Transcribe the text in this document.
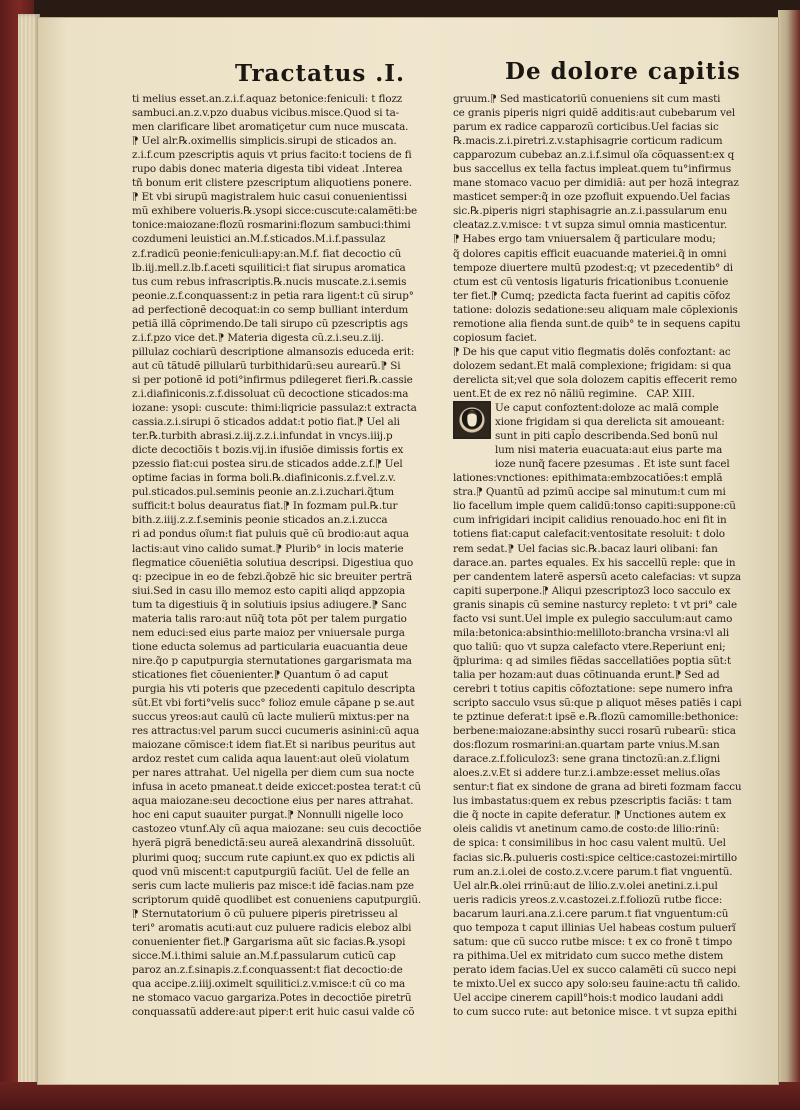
Tractatus .I.	De dolore capitis
ti melius esset.an.z.i.f.aquaz betonice:feniculi: t flozz
sambuci.an.z.v.pzo duabus vicibus.misce.Quod si ta-
men clarificare libet aromatiçetur cum nuce muscata.
⁋ Uel alr.℞.oximellis simplicis.sirupi de sticados an.
z.i.f.cum pzescriptis aquis vt prius facito:t tociens de fi
rupo dabis donec materia digesta tibi videat .Interea
tñ bonum erit clistere pzescriptum aliquotiens ponere.
⁋ Et vbi sirupũ magistralem huic casui conuenientissi
mũ exhibere volueris.℞.ysopi sicce:cuscute:calamẽti:be
tonice:maiozane:flozũ rosmarini:flozum sambuci:thimi
cozdumeni leuistici an.M.f.sticados.M.i.f.passulaz
z.f.radicũ peonie:feniculi:apy:an.M.f. fiat decoctio cũ
lb.iij.mell.z.lb.f.aceti squilitici:t fiat sirupus aromatica
tus cum rebus infrascriptis.℞.nucis muscate.z.i.semis
peonie.z.f.conquassent:z in petia rara ligent:t cũ sirup°
ad perfectionẽ decoquat:in co semp bulliant interdum
petiã illã cõprimendo.De tali sirupo cũ pzescriptis ags
z.i.f.pzo vice det.⁋ Materia digesta cũ.z.i.seu.z.iij.
pillulaz cochiarũ descriptione almansozis educeda erit:
aut cũ tãtudẽ pillularũ turbithidarũ:seu aurearũ.⁋ Si
si per potionẽ id poti°infirmus pdilegeret fieri.℞.cassie
z.i.diafiniconis.z.f.dissoluat cũ decoctione sticados:ma
iozane: ysopi: cuscute: thimi:liqricie passulaz:t extracta
cassia.z.i.sirupi õ sticados addat:t potio fiat.⁋ Uel ali
ter.℞.turbith abrasi.z.iij.z.z.i.infundat in vncys.iiij.p
dicte decoctiõis t bozis.vij.in ifusiõe dimissis fortis ex
pzessio fiat:cui postea siru.de sticados adde.z.f.⁋ Uel
optime facias in forma boli.℞.diafiniconis.z.f.vel.z.v.
pul.sticados.pul.seminis peonie an.z.i.zuchari.q̃tum
sufficit:t bolus deauratus fiat.⁋ In fozmam pul.℞.tur
bith.z.iiij.z.z.f.seminis peonie sticados an.z.i.zucca
ri ad pondus oĩum:t fiat puluis quẽ cũ brodio:aut aqua
lactis:aut vino calido sumat.⁋ Plurib° in locis materie
flegmatice cõueniẽtia solutiua descripsi. Digestiua quo
q: pzecipue in eo de febzi.q̃obzẽ hic sic breuiter pertrã
siui.Sed in casu illo memoz esto capiti aliqd appzopia
tum ta digestiuis q̃ in solutiuis ipsius adiugere.⁋ Sanc
materia talis raro:aut nũq̃ tota põt per talem purgatio
nem educi:sed eius parte maioz per vniuersale purga
tione educta solemus ad particularia euacuantia deue
nire.q̃o p caputpurgia sternutationes gargarismata ma
sticationes fiet cõuenienter.⁋ Quantum õ ad caput
purgia his vti poteris que pzecedenti capitulo descripta
sũt.Et vbi forti°velis succ° folioz emule cãpane p se.aut
succus yreos:aut caulũ cũ lacte mulierũ mixtus:per na
res attractus:vel parum succi cucumeris asinini:cũ aqua
maiozane cõmisce:t idem fiat.Et si naribus peuritus aut
ardoz restet cum calida aqua lauent:aut oleũ violatum
per nares attrahat. Uel nigella per diem cum sua nocte
infusa in aceto pmaneat.t deide exiccet:postea terat:t cũ
aqua maiozane:seu decoctione eius per nares attrahat.
hoc eni caput suauiter purgat.⁋ Nonnulli nigelle loco
castozeo vtunf.Aly cũ aqua maiozane: seu cuis decoctiõe
hyerã pigrã benedictã:seu aureã alexandrinã dissoluũt.
plurimi quoq; succum rute capiunt.ex quo ex pdictis ali
quod vnũ miscent:t caputpurgiũ faciũt. Uel de felle an
seris cum lacte mulieris paz misce:t idẽ facias.nam pze
scriptorum quidẽ quodlibet est conueniens caputpurgiũ.
⁋ Sternutatorium õ cũ puluere piperis piretrisseu al
teri° aromatis acuti:aut cuz puluere radicis eleboz albi
conuenienter fiet.⁋ Gargarisma aũt sic facias.℞.ysopi
sicce.M.i.thimi saluie an.M.f.passularum cuticũ cap
paroz an.z.f.sinapis.z.f.conquassent:t fiat decoctio:de
qua accipe.z.iiij.oximelt squilitici.z.v.misce:t cũ co ma
ne stomaco vacuo gargariza.Potes in decoctiõe piretrũ
conquassatũ addere:aut piper:t erit huic casui valde cõ
gruum.⁋ Sed masticatoriũ conueniens sit cum masti
ce granis piperis nigri quidẽ additis:aut cubebarum vel
parum ex radice capparozũ corticibus.Uel facias sic
℞.macis.z.i.piretri.z.v.staphisagrie corticum radicum
capparozum cubebaz an.z.i.f.simul oĩa cõquassent:ex q
bus saccellus ex tella factus impleat.quem tu°infirmus
mane stomaco vacuo per dimidiã: aut per hozã integraz
masticet semper:q̃ in oze pzofluit expuendo.Uel facias
sic.℞.piperis nigri staphisagrie an.z.i.passularum enu
cleataz.z.v.misce: t vt supza simul omnia masticentur.
⁋ Habes ergo tam vniuersalem q̃ particulare modu;
q̃ dolores capitis efficit euacuande materiei.q̃ in omni
tempoze diuertere multũ pzodest:q; vt pzecedentib° di
ctum est cũ ventosis ligaturis fricationibus t.conuenie
ter fiet.⁋ Cumq; pzedicta facta fuerint ad capitis cõfoz
tatione: dolozis sedatione:seu aliquam male cõplexionis
remotione alia fienda sunt.de quib° te in sequens capitu
copiosum faciet.
⁋ De his que caput vitio flegmatis dolẽs confoztant: ac
dolozem sedant.Et malã complexione; frigidam: si qua
derelicta sit;vel que sola dolozem capitis effecerit remo
uent.Et de ex rez nõ nãliũ regimine. CAP. XIII.
O	Ue caput confoztent:doloze ac malã comple
xione frigidam si qua derelicta sit amoueant:
sunt in piti capl̃o describenda.Sed bonũ nul
lum nisi materia euacuata:aut eius parte ma
ioze nunq̃ facere pzesumas . Et iste sunt facel
lationes:vnctiones: epithimata:embzocatiões:t emplã
stra.⁋ Quantũ ad pzimũ accipe sal minutum:t cum mi
lio facellum imple quem calidũ:tonso capiti:suppone:cũ
cum infrigidari incipit calidius renouado.hoc eni fit in
totiens fiat:caput calefacit:ventositate resoluit: t dolo
rem sedat.⁋ Uel facias sic.℞.bacaz lauri olibani: fan
darace.an. partes equales. Ex his saccellũ reple: que in
per candentem laterẽ aspersũ aceto calefacias: vt supza
capiti superpone.⁋ Aliqui pzescriptoz3 loco sacculo ex
granis sinapis cũ semine nasturcy repleto: t vt pri° cale
facto vsi sunt.Uel imple ex pulegio sacculum:aut camo
mila:betonica:absinthio:melilloto:brancha vrsina:vl ali
quo taliũ: quo vt supza calefacto vtere.Reperiunt eni;
q̃plurima: q ad similes fiẽdas saccellatiões poptia sũt:t
talia per hozam:aut duas cõtinuanda erunt.⁋ Sed ad
cerebri t totius capitis cõfoztatione: sepe numero infra
scripto sacculo vsus sũ:que p aliquot mẽses patiẽs i capi
te pztinue deferat:t ipsẽ e.℞.flozũ camomille:bethonice:
berbene:maiozane:absinthy succi rosarũ rubearũ: stica
dos:flozum rosmarini:an.quartam parte vnius.M.san
darace.z.f.foliculoz3: sene grana tinctozũ:an.z.f.ligni
aloes.z.v.Et si addere tur.z.i.ambze:esset melius.oĩas
sentur:t fiat ex sindone de grana ad bireti fozmam faccu
lus imbastatus:quem ex rebus pzescriptis faciãs: t tam
die q̃ nocte in capite deferatur. ⁋ Unctiones autem ex
oleis calidis vt anetinum camo.de costo:de lilio:rinũ:
de spica: t consimilibus in hoc casu valent multũ. Uel
facias sic.℞.pulueris costi:spice celtice:castozei:mirtillo
rum an.z.i.olei de costo.z.v.cere parum.t fiat vnguentũ.
Uel alr.℞.olei rrinũ:aut de lilio.z.v.olei anetini.z.i.pul
ueris radicis yreos.z.v.castozei.z.f.foliozũ rutbe ficce:
bacarum lauri.ana.z.i.cere parum.t fiat vnguentum:cũ
quo tempoza t caput illinias Uel habeas costum puluerĩ
satum: que cũ succo rutbe misce: t ex co fronẽ t timpo
ra pithima.Uel ex mitridato cum succo methe distem
perato idem facias.Uel ex succo calamẽti cũ succo nepi
te mixto.Uel ex succo apy solo:seu fauine:actu tñ calido.
Uel accipe cinerem capill°hois:t modico laudani addi
to cum succo rute: aut betonice misce. t vt supza epithi
